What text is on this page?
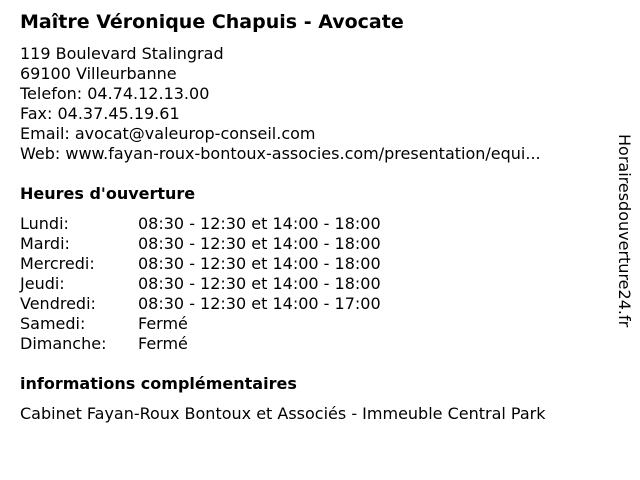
Maître Véronique Chapuis - Avocate
119 Boulevard Stalingrad
69100 Villeurbanne
Telefon: 04.74.12.13.00
Fax: 04.37.45.19.61
Email: avocat@valeurop-conseil.com
Web: www.fayan-roux-bontoux-associes.com/presentation/equi...
Heures d'ouverture
Lundi:	08:30 - 12:30 et 14:00 - 18:00
Mardi:	08:30 - 12:30 et 14:00 - 18:00
Mercredi:	08:30 - 12:30 et 14:00 - 18:00
Jeudi:	08:30 - 12:30 et 14:00 - 18:00
Vendredi:	08:30 - 12:30 et 14:00 - 17:00
Samedi:	Fermé
Dimanche: Fermé
informations complémentaires
Cabinet Fayan-Roux Bontoux et Associés - Immeuble Central Park
Horairesdouverture24.fr
